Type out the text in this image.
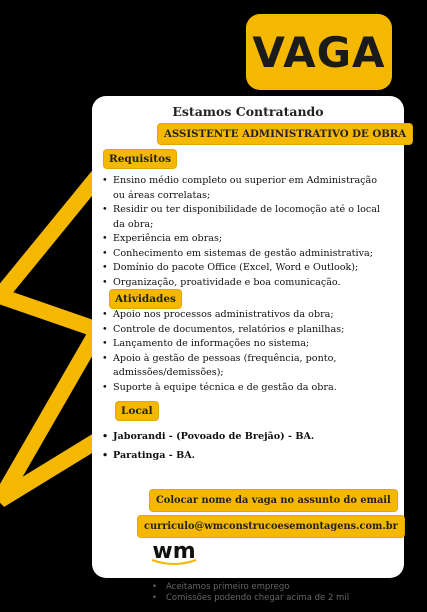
VAGA
Estamos Contratando
ASSISTENTE ADMINISTRATIVO DE OBRA
Requisitos
• Ensino médio completo ou superior em Administração ou áreas correlatas;
• Residir ou ter disponibilidade de locomoção até o local da obra;
• Experiência em obras;
• Conhecimento em sistemas de gestão administrativa;
• Domínio do pacote Office (Excel, Word e Outlook);
• Organização, proatividade e boa comunicação.
Atividades
• Apoio nos processos administrativos da obra;
• Controle de documentos, relatórios e planilhas;
• Lançamento de informações no sistema;
• Apoio à gestão de pessoas (frequência, ponto, admissões/demissões);
• Suporte à equipe técnica e de gestão da obra.
Local
• Jaborandi - (Povoado de Brejão) - BA.
• Paratinga - BA.
Colocar nome da vaga no assunto do email
curriculo@wmconstrucoesemontagens.com.br
wm
• Aceitamos primeiro emprego
• Comissões podendo chegar acima de 2 mil
